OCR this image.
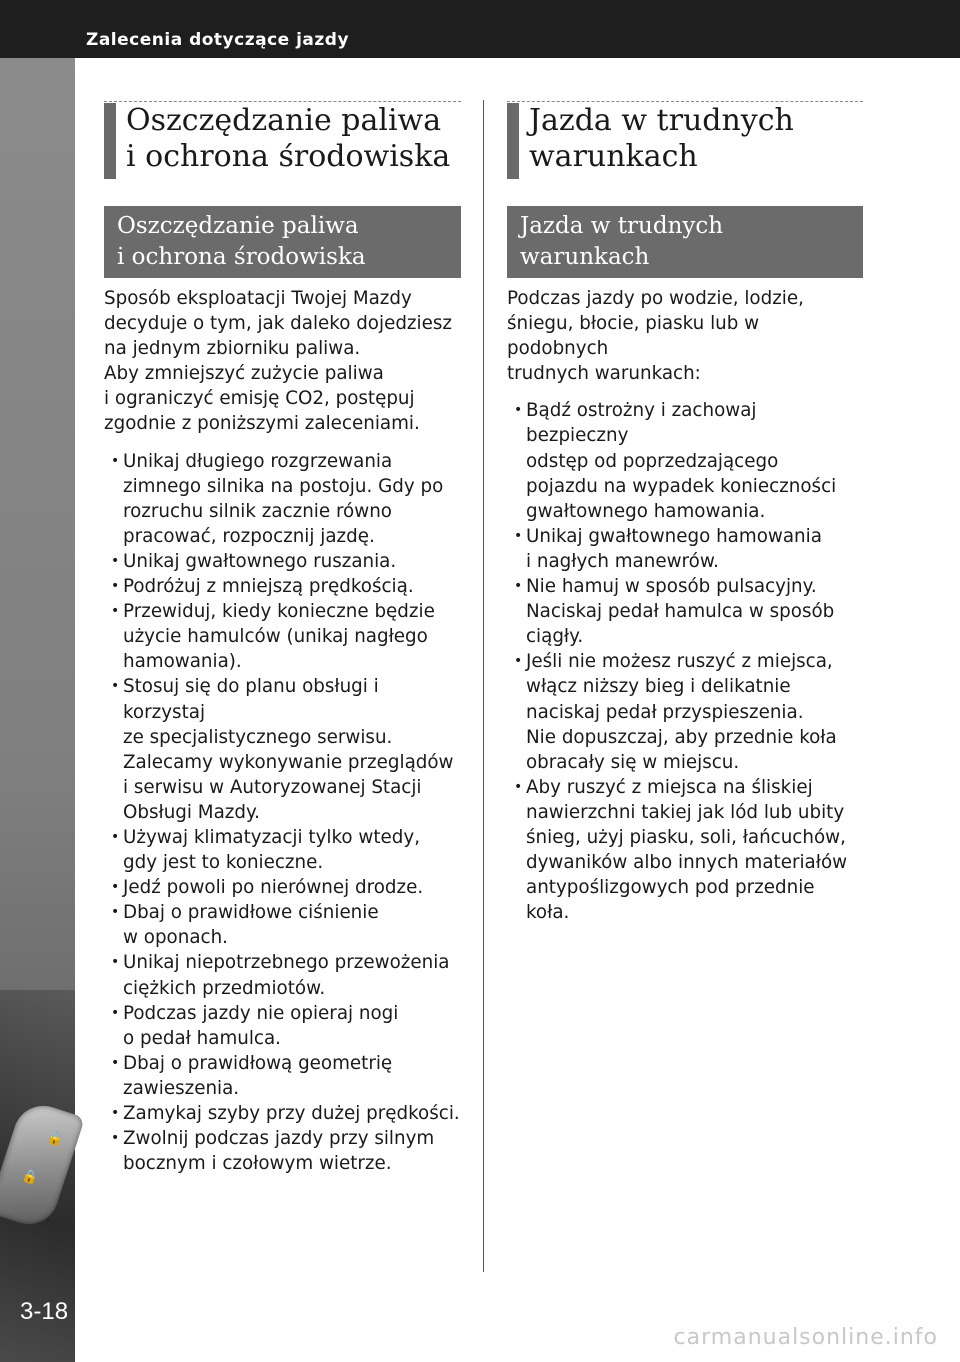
Zalecenia dotyczące jazdy
🔓
🔒
3-18
Oszczędzanie paliwa
i ochrona środowiska
Oszczędzanie paliwa
i ochrona środowiska

Sposób eksploatacji Twojej Mazdy
decyduje o tym, jak daleko dojedziesz
na jednym zbiorniku paliwa.
Aby zmniejszyć zużycie paliwa
i ograniczyć emisję CO2, postępuj
zgodnie z poniższymi zaleceniami.

• Unikaj długiego rozgrzewania
zimnego silnika na postoju. Gdy po
rozruchu silnik zacznie równo
pracować, rozpocznij jazdę.
• Unikaj gwałtownego ruszania.
• Podróżuj z mniejszą prędkością.
• Przewiduj, kiedy konieczne będzie
użycie hamulców (unikaj nagłego
hamowania).
• Stosuj się do planu obsługi i korzystaj
ze specjalistycznego serwisu.
Zalecamy wykonywanie przeglądów
i serwisu w Autoryzowanej Stacji
Obsługi Mazdy.
• Używaj klimatyzacji tylko wtedy,
gdy jest to konieczne.
• Jedź powoli po nierównej drodze.
• Dbaj o prawidłowe ciśnienie
w oponach.
• Unikaj niepotrzebnego przewożenia
ciężkich przedmiotów.
• Podczas jazdy nie opieraj nogi
o pedał hamulca.
• Dbaj o prawidłową geometrię
zawieszenia.
• Zamykaj szyby przy dużej prędkości.
• Zwolnij podczas jazdy przy silnym
bocznym i czołowym wietrze.
Jazda w trudnych
warunkach
Jazda w trudnych
warunkach

Podczas jazdy po wodzie, lodzie,
śniegu, błocie, piasku lub w podobnych
trudnych warunkach:

• Bądź ostrożny i zachowaj bezpieczny
odstęp od poprzedzającego
pojazdu na wypadek konieczności
gwałtownego hamowania.
• Unikaj gwałtownego hamowania
i nagłych manewrów.
• Nie hamuj w sposób pulsacyjny.
Naciskaj pedał hamulca w sposób
ciągły.
• Jeśli nie możesz ruszyć z miejsca,
włącz niższy bieg i delikatnie
naciskaj pedał przyspieszenia.
Nie dopuszczaj, aby przednie koła
obracały się w miejscu.
• Aby ruszyć z miejsca na śliskiej
nawierzchni takiej jak lód lub ubity
śnieg, użyj piasku, soli, łańcuchów,
dywaników albo innych materiałów
antypoślizgowych pod przednie koła.
carmanualsonline.info
